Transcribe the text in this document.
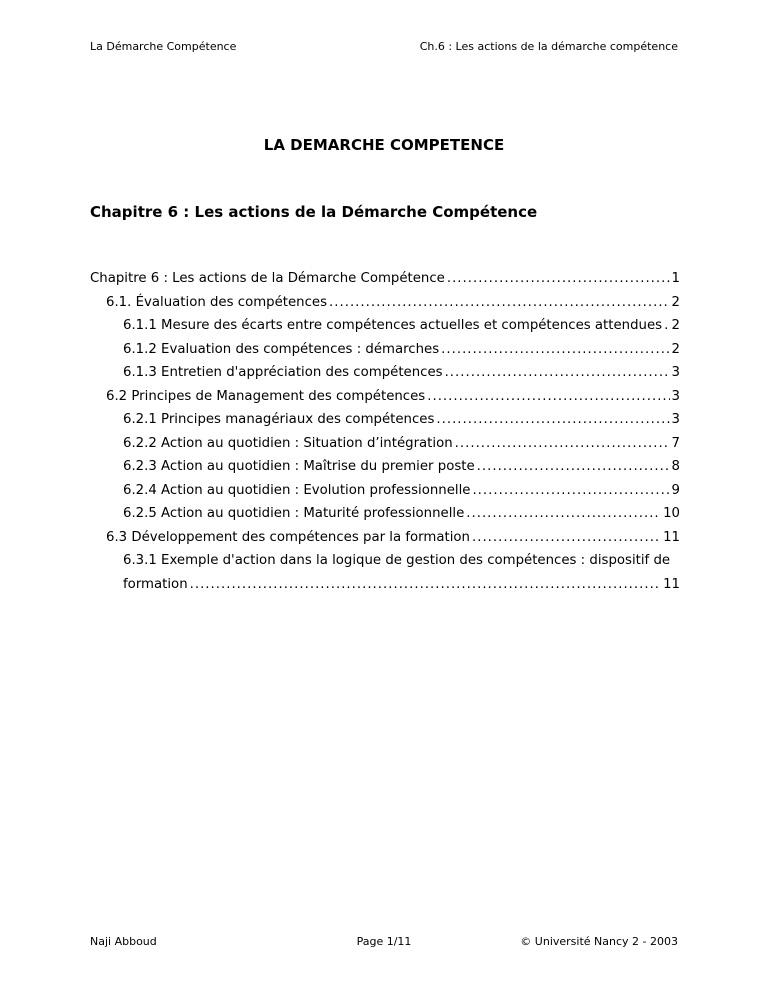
La Démarche Compétence	Ch.6 : Les actions de la démarche compétence
LA DEMARCHE COMPETENCE
Chapitre 6 : Les actions de la Démarche Compétence
Chapitre 6 : Les actions de la Démarche Compétence .....	1
6.1. Évaluation des compétences .....	2
6.1.1 Mesure des écarts entre compétences actuelles et compétences attendues ..... 2
6.1.2 Evaluation des compétences : démarches .....	2
6.1.3 Entretien d'appréciation des compétences .....	3
6.2 Principes de Management des compétences .....	3
6.2.1 Principes managériaux des compétences .....	3
6.2.2 Action au quotidien : Situation d’intégration .....	7
6.2.3 Action au quotidien : Maîtrise du premier poste .....	8
6.2.4 Action au quotidien : Evolution professionnelle .....	9
6.2.5 Action au quotidien : Maturité professionnelle .....	10
6.3 Développement des compétences par la formation .....	11
6.3.1 Exemple d'action dans la logique de gestion des compétences : dispositif de
formation .....	11
Naji Abboud	Page 1/11	© Université Nancy 2 - 2003
